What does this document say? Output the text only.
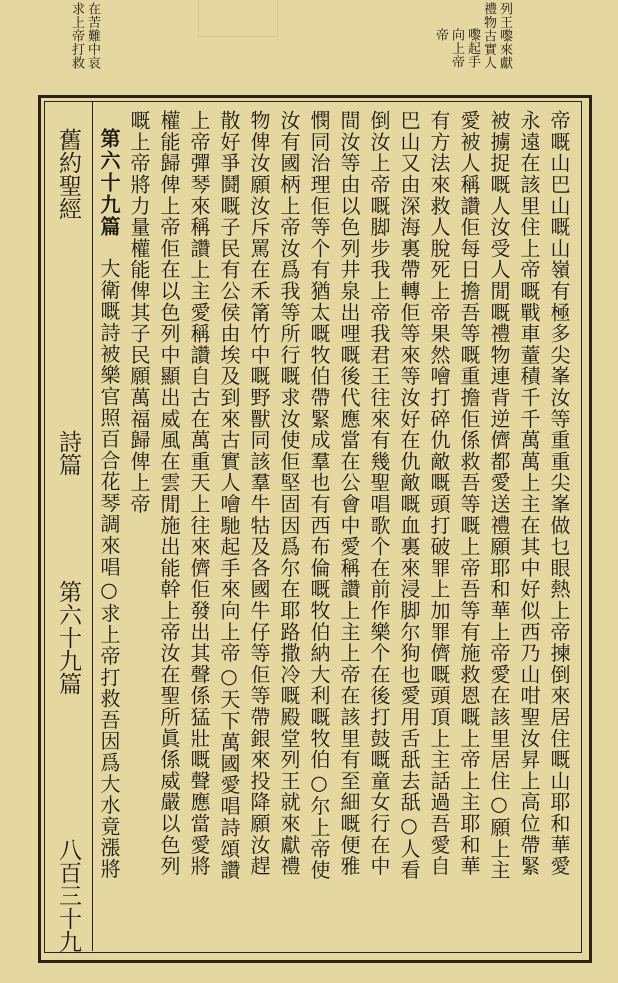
列王嚟來獻
禮物古實人
嚟起手
向上帝
帝
在苦難中哀
求上帝打救
舊約聖經
詩篇
第六十九篇
八百三十九
帝嘅山巴山嘅山嶺有極多尖峯汝等重重尖峯做乜眼熱上帝揀倒來居住嘅山耶和華愛
永遠在該里住上帝嘅戰車蕫積千千萬萬上主在其中好似西乃山咁聖汝昇上高位帶緊
被擄捉嘅人汝受人閒嘅禮物連背逆儕都愛送禮願耶和華上帝愛在該里居住○願上主
愛被人稱讚佢每日擔吾等嘅重擔佢係救吾等嘅上帝吾等有施救恩嘅上帝上主耶和華
有方法來救人脫死上帝果然噲打碎仇敵嘅頭打破罪上加罪儕嘅頭頂上主話過吾愛自
巴山又由深海裏帶轉佢等來等汝好在仇敵嘅血裏來浸脚尔狗也愛用舌舐去舐○人看
倒汝上帝嘅脚步我上帝我君王往來有幾聖唱歌个在前作樂个在後打鼓嘅童女行在中
間汝等由以色列井泉出哩嘅後代應當在公會中愛稱讚上主上帝在該里有至細嘅便雅
憫同治理佢等个有猶太嘅牧伯帶緊成羣也有西布倫嘅牧伯納大利嘅牧伯○尔上帝使
汝有國柄上帝汝爲我等所行嘅求汝使佢堅固因爲尔在耶路撒冷嘅殿堂列王就來獻禮
物俾汝願汝斥罵在禾筩竹中嘅野獸同該羣牛牯及各國牛仔等佢等帶銀來投降願汝趕
散好爭鬪嘅子民有公侯由埃及到來古實人噲馳起手來向上帝○天下萬國愛唱詩頌讚
上帝彈琴來稱讚上主愛稱讚自古在萬重天上往來儕佢發出其聲係猛壯嘅聲應當愛將
權能歸俾上帝佢在以色列中顯出威風在雲閒施出能幹上帝汝在聖所眞係威嚴以色列
嘅上帝將力量權能俾其子民願萬福歸俾上帝
第六十九篇
大衛嘅詩被樂官照百合花琴調來唱○求上帝打救吾因爲大水竟漲將
